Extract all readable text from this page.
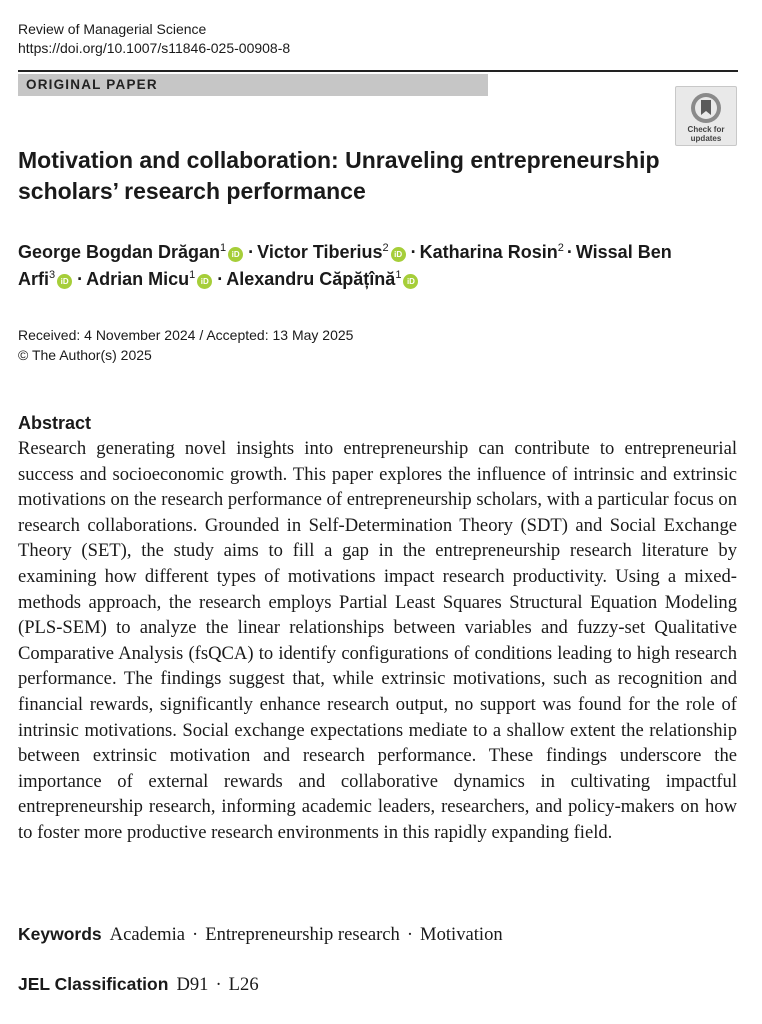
Review of Managerial Science
https://doi.org/10.1007/s11846-025-00908-8
ORIGINAL PAPER
Check for
updates
Motivation and collaboration: Unraveling entrepreneurship
scholars’ research performance
George Bogdan Drăgan$^1$iD · Victor Tiberius$^2$iD · Katharina Rosin$^2$ · Wissal Ben
Arfi$^3$iD · Adrian Micu$^1$iD · Alexandru Căpățînă$^1$iD
Received: 4 November 2024 / Accepted: 13 May 2025
© The Author(s) 2025
Abstract
Research generating novel insights into entrepreneurship can contribute to entrepreneurial success and socioeconomic growth. This paper explores the influence of intrinsic and extrinsic motivations on the research performance of entrepreneurship scholars, with a particular focus on research collaborations. Grounded in Self-Determination Theory (SDT) and Social Exchange Theory (SET), the study aims to fill a gap in the entrepreneurship research literature by examining how different types of motivations impact research productivity. Using a mixed-methods approach, the research employs Partial Least Squares Structural Equation Modeling (PLS-SEM) to analyze the linear relationships between variables and fuzzy-set Qualitative Comparative Analysis (fsQCA) to identify configurations of conditions leading to high research performance. The findings suggest that, while extrinsic motivations, such as recognition and financial rewards, significantly enhance research output, no support was found for the role of intrinsic motivations. Social exchange expectations mediate to a shallow extent the relationship between extrinsic motivation and research performance. These findings underscore the importance of external rewards and collaborative dynamics in cultivating impactful entrepreneurship research, informing academic leaders, researchers, and policy-makers on how to foster more productive research environments in this rapidly expanding field.
Keywords Academia · Entrepreneurship research · Motivation
JEL Classification D91 · L26
